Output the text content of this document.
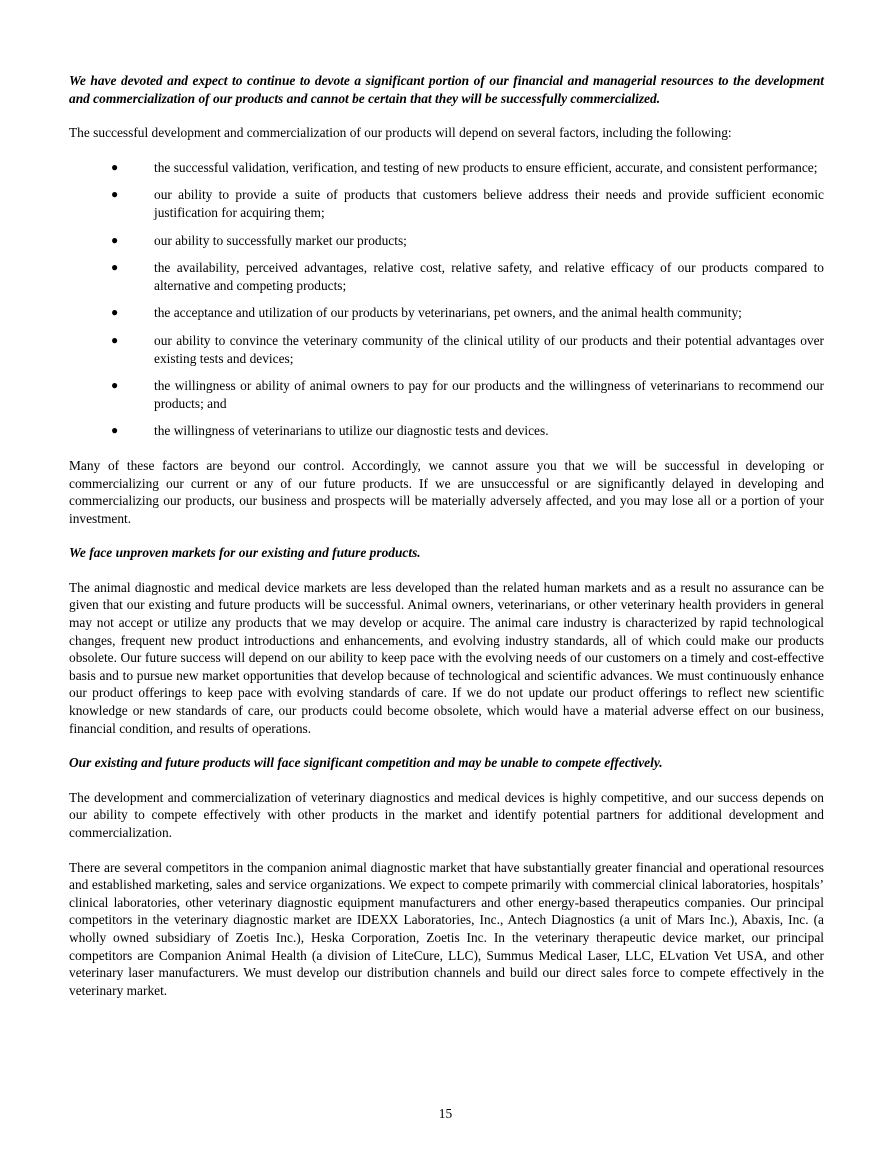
We have devoted and expect to continue to devote a significant portion of our financial and managerial resources to the development and commercialization of our products and cannot be certain that they will be successfully commercialized.

The successful development and commercialization of our products will depend on several factors, including the following:

●	the successful validation, verification, and testing of new products to ensure efficient, accurate, and consistent performance;
●	our ability to provide a suite of products that customers believe address their needs and provide sufficient economic justification for acquiring them;
●	our ability to successfully market our products;
●	the availability, perceived advantages, relative cost, relative safety, and relative efficacy of our products compared to alternative and competing products;
●	the acceptance and utilization of our products by veterinarians, pet owners, and the animal health community;
●	our ability to convince the veterinary community of the clinical utility of our products and their potential advantages over existing tests and devices;
●	the willingness or ability of animal owners to pay for our products and the willingness of veterinarians to recommend our products; and
●	the willingness of veterinarians to utilize our diagnostic tests and devices.

Many of these factors are beyond our control. Accordingly, we cannot assure you that we will be successful in developing or commercializing our current or any of our future products. If we are unsuccessful or are significantly delayed in developing and commercializing our products, our business and prospects will be materially adversely affected, and you may lose all or a portion of your investment.

We face unproven markets for our existing and future products.

The animal diagnostic and medical device markets are less developed than the related human markets and as a result no assurance can be given that our existing and future products will be successful. Animal owners, veterinarians, or other veterinary health providers in general may not accept or utilize any products that we may develop or acquire. The animal care industry is characterized by rapid technological changes, frequent new product introductions and enhancements, and evolving industry standards, all of which could make our products obsolete. Our future success will depend on our ability to keep pace with the evolving needs of our customers on a timely and cost-effective basis and to pursue new market opportunities that develop because of technological and scientific advances. We must continuously enhance our product offerings to keep pace with evolving standards of care. If we do not update our product offerings to reflect new scientific knowledge or new standards of care, our products could become obsolete, which would have a material adverse effect on our business, financial condition, and results of operations.

Our existing and future products will face significant competition and may be unable to compete effectively.

The development and commercialization of veterinary diagnostics and medical devices is highly competitive, and our success depends on our ability to compete effectively with other products in the market and identify potential partners for additional development and commercialization.

There are several competitors in the companion animal diagnostic market that have substantially greater financial and operational resources and established marketing, sales and service organizations. We expect to compete primarily with commercial clinical laboratories, hospitals’ clinical laboratories, other veterinary diagnostic equipment manufacturers and other energy-based therapeutics companies. Our principal competitors in the veterinary diagnostic market are IDEXX Laboratories, Inc., Antech Diagnostics (a unit of Mars Inc.), Abaxis, Inc. (a wholly owned subsidiary of Zoetis Inc.), Heska Corporation, Zoetis Inc. In the veterinary therapeutic device market, our principal competitors are Companion Animal Health (a division of LiteCure, LLC), Summus Medical Laser, LLC, ELvation Vet USA, and other veterinary laser manufacturers. We must develop our distribution channels and build our direct sales force to compete effectively in the veterinary market.

15
